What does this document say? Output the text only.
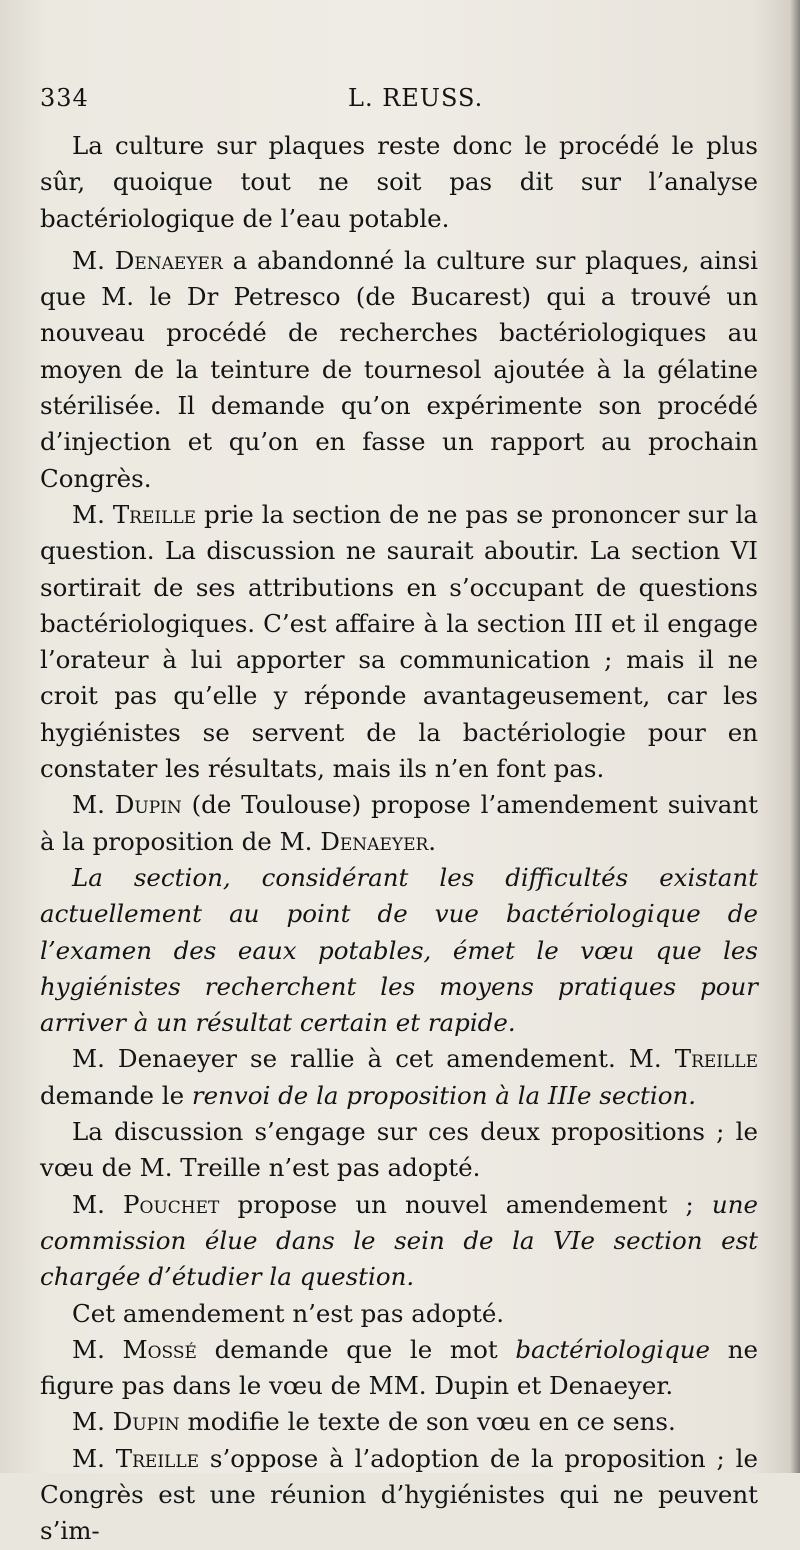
334	L. REUSS.

La culture sur plaques reste donc le procédé le plus sûr, quoique tout ne soit pas dit sur l’analyse bactériologique de l’eau potable.

M. Denaeyer a abandonné la culture sur plaques, ainsi que M. le Dr Petresco (de Bucarest) qui a trouvé un nouveau procédé de recherches bactériologiques au moyen de la teinture de tournesol ajoutée à la gélatine stérilisée. Il demande qu’on expérimente son procédé d’injection et qu’on en fasse un rapport au prochain Congrès.

M. Treille prie la section de ne pas se prononcer sur la question. La discussion ne saurait aboutir. La section VI sortirait de ses attributions en s’occupant de questions bactériologiques. C’est affaire à la section III et il engage l’orateur à lui apporter sa communication ; mais il ne croit pas qu’elle y réponde avantageusement, car les hygiénistes se servent de la bactériologie pour en constater les résultats, mais ils n’en font pas.

M. Dupin (de Toulouse) propose l’amendement suivant à la proposition de M. Denaeyer.

La section, considérant les difficultés existant actuellement au point de vue bactériologique de l’examen des eaux potables, émet le vœu que les hygiénistes recherchent les moyens pratiques pour arriver à un résultat certain et rapide.

M. Denaeyer se rallie à cet amendement. M. Treille demande le renvoi de la proposition à la IIIe section.

La discussion s’engage sur ces deux propositions ; le vœu de M. Treille n’est pas adopté.

M. Pouchet propose un nouvel amendement ; une commission élue dans le sein de la VIe section est chargée d’étudier la question.

Cet amendement n’est pas adopté.

M. Mossé demande que le mot bactériologique ne figure pas dans le vœu de MM. Dupin et Denaeyer.

M. Dupin modifie le texte de son vœu en ce sens.

M. Treille s’oppose à l’adoption de la proposition ; le Congrès est une réunion d’hygiénistes qui ne peuvent s’im-
